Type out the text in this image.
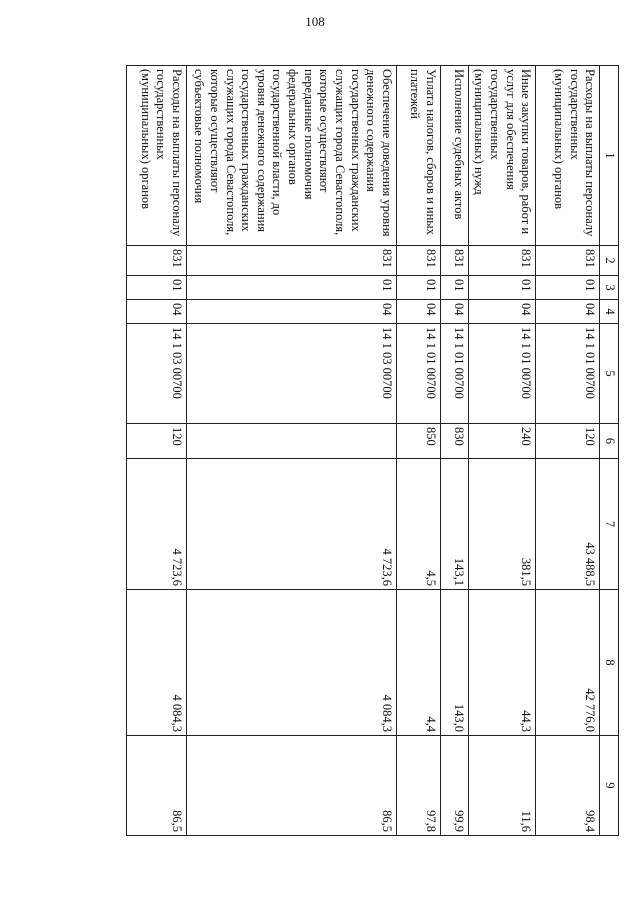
108
1	2	3	4	5	6	7	8	9
Расходы на выплаты персоналу государственных (муниципальных) органов	831	01	04	14 1 01 00700	120	43 488,5	42 776,0	98,4
Иные закупки товаров, работ и услуг для обеспечения государственных (муниципальных) нужд	831	01	04	14 1 01 00700	240	381,5	44,3	11,6
Исполнение судебных актов	831	01	04	14 1 01 00700	830	143,1	143,0	99,9
Уплата налогов, сборов и иных платежей	831	01	04	14 1 01 00700	850	4,5	4,4	97,8
Обеспечение доведения уровня денежного содержания государственных гражданских служащих города Севастополя, которые осуществляют переданные полномочия федеральных органов государственной власти, до уровня денежного содержания государственных гражданских служащих города Севастополя, которые осуществляют субъектовые полномочия	831	01	04	14 1 03 00700		4 723,6	4 084,3	86,5
Расходы на выплаты персоналу государственных (муниципальных) органов	831	01	04	14 1 03 00700	120	4 723,6	4 084,3	86,5
